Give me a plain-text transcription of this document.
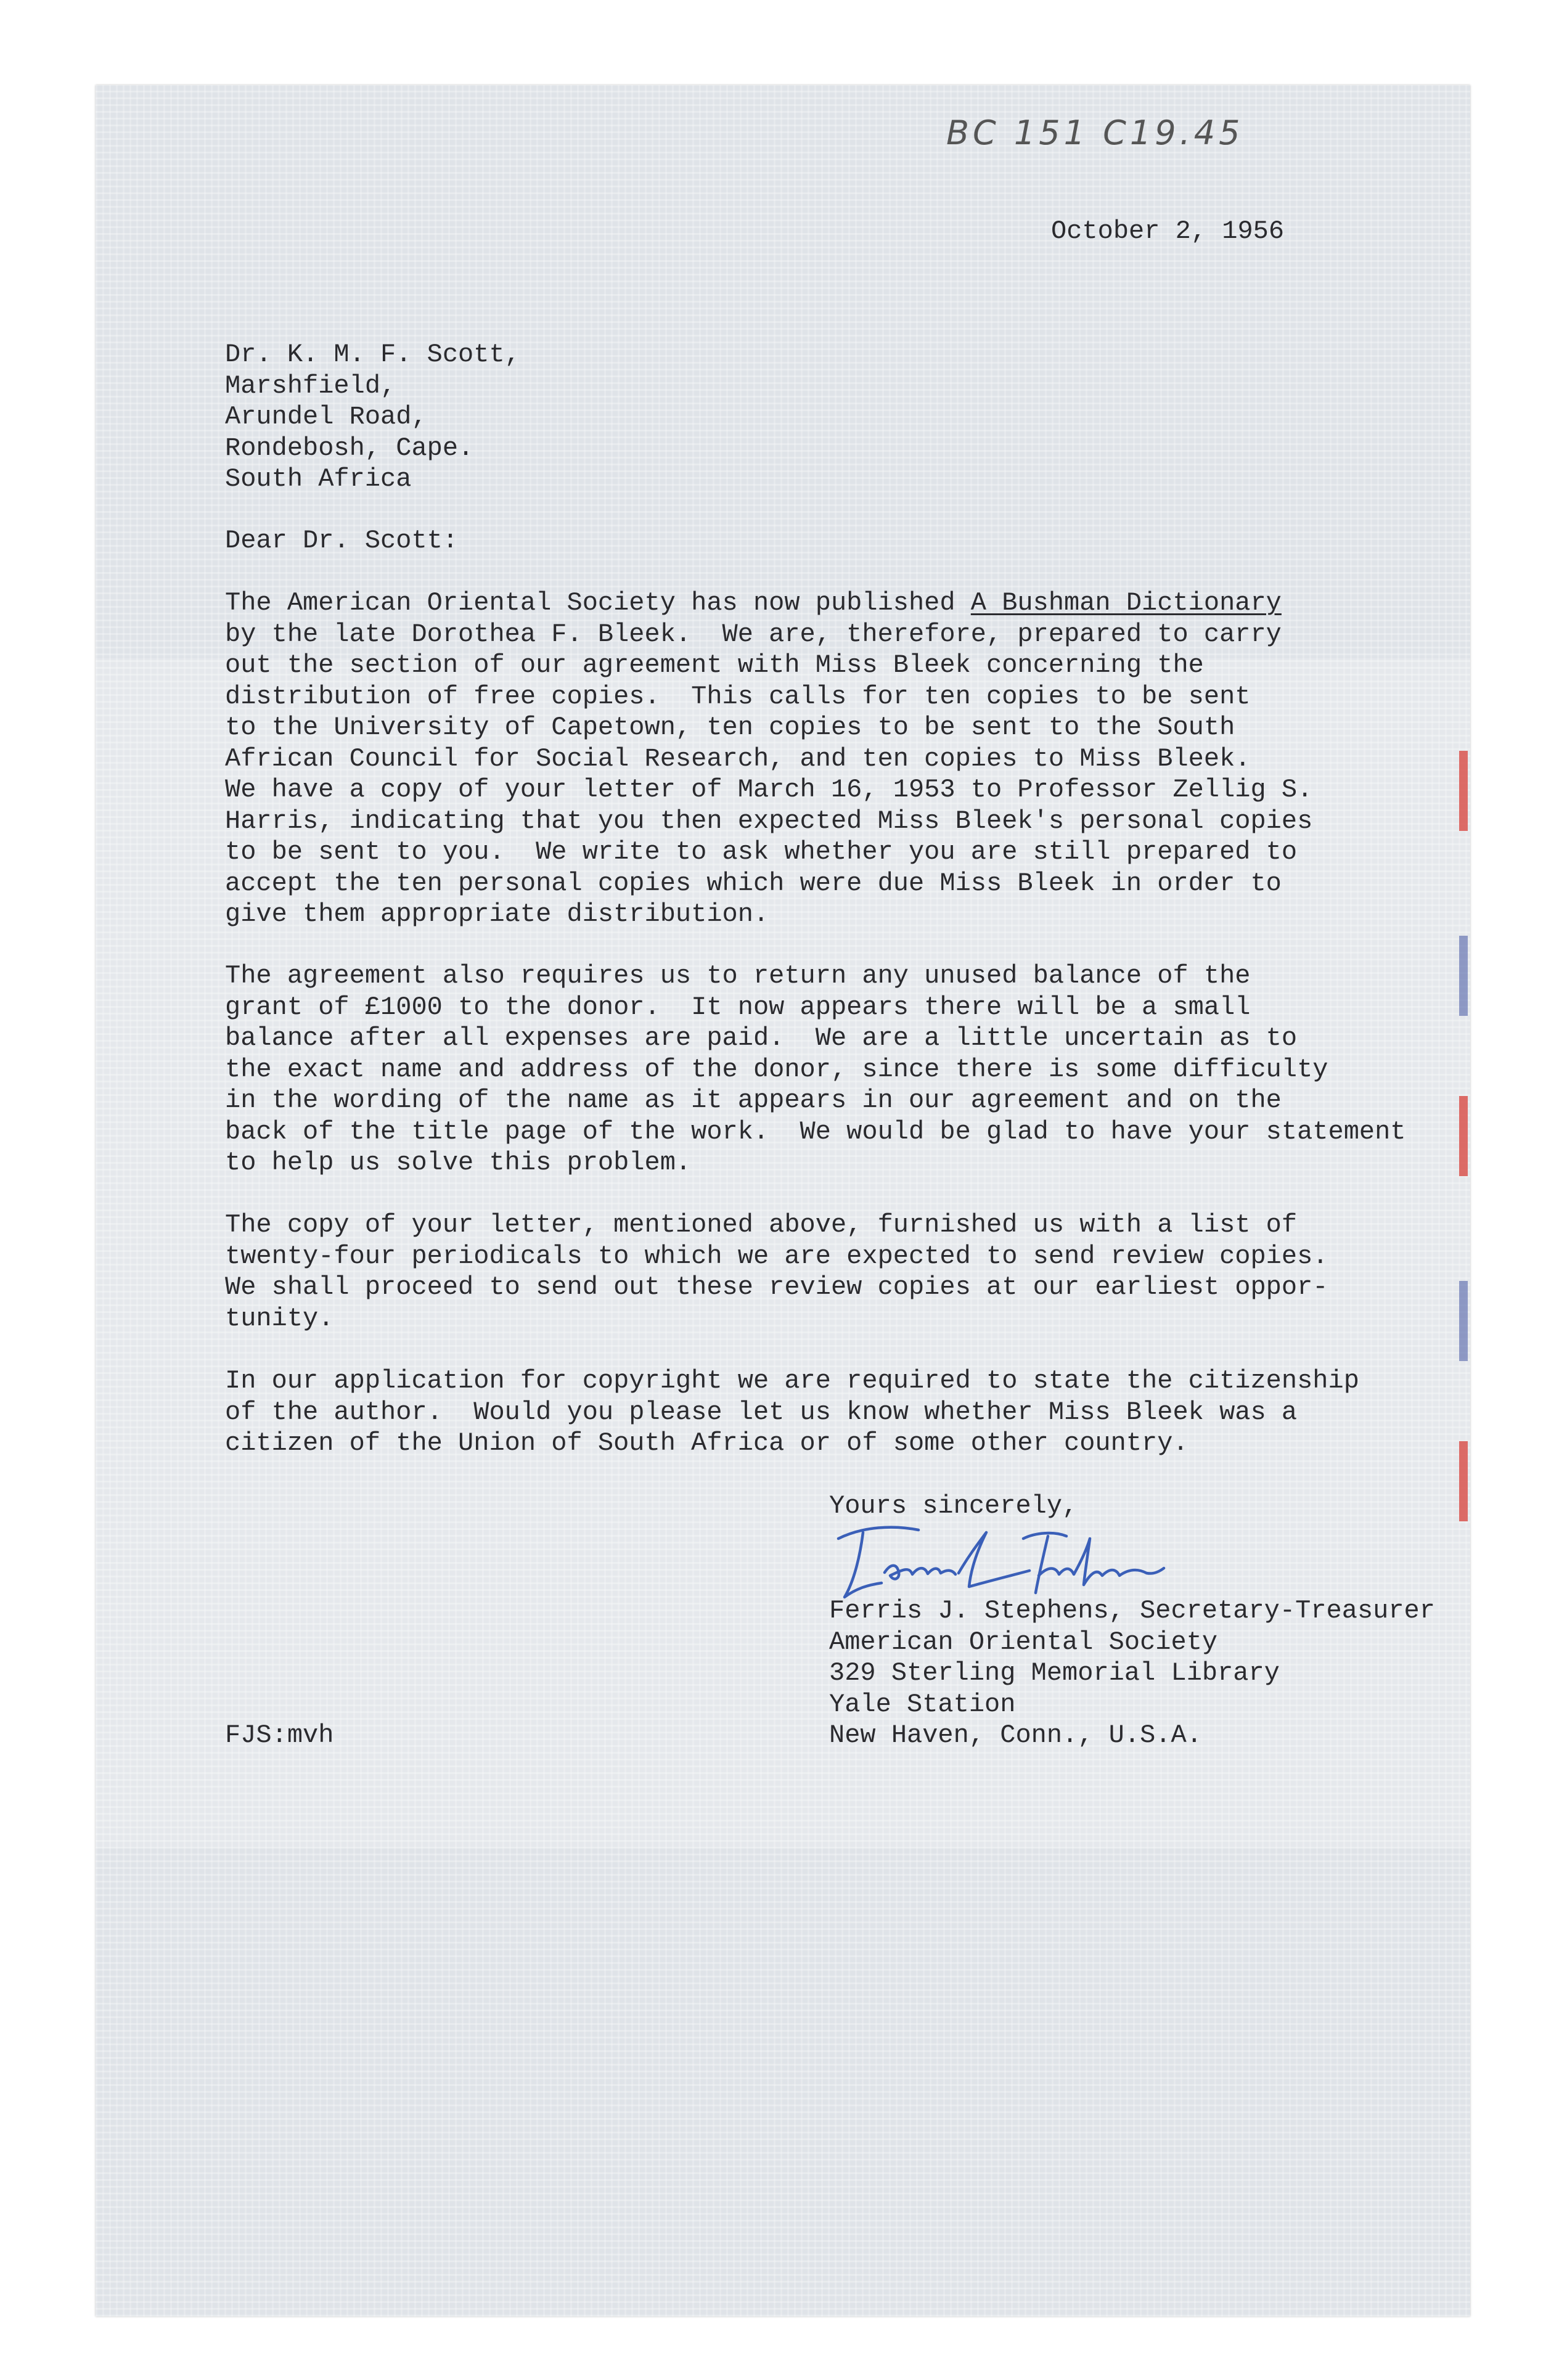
BC 151 C19.45

October 2, 1956

Dr. K. M. F. Scott,
Marshfield,
Arundel Road,
Rondebosh, Cape.
South Africa

Dear Dr. Scott:

The American Oriental Society has now published A Bushman Dictionary
by the late Dorothea F. Bleek.  We are, therefore, prepared to carry
out the section of our agreement with Miss Bleek concerning the
distribution of free copies.  This calls for ten copies to be sent
to the University of Capetown, ten copies to be sent to the South
African Council for Social Research, and ten copies to Miss Bleek.
We have a copy of your letter of March 16, 1953 to Professor Zellig S.
Harris, indicating that you then expected Miss Bleek's personal copies
to be sent to you.  We write to ask whether you are still prepared to
accept the ten personal copies which were due Miss Bleek in order to
give them appropriate distribution.

The agreement also requires us to return any unused balance of the
grant of £1000 to the donor.  It now appears there will be a small
balance after all expenses are paid.  We are a little uncertain as to
the exact name and address of the donor, since there is some difficulty
in the wording of the name as it appears in our agreement and on the
back of the title page of the work.  We would be glad to have your statement
to help us solve this problem.

The copy of your letter, mentioned above, furnished us with a list of
twenty-four periodicals to which we are expected to send review copies.
We shall proceed to send out these review copies at our earliest oppor-
tunity.

In our application for copyright we are required to state the citizenship
of the author.  Would you please let us know whether Miss Bleek was a
citizen of the Union of South Africa or of some other country.

Yours sincerely,

Ferris J. Stephens, Secretary-Treasurer
American Oriental Society
329 Sterling Memorial Library
Yale Station
New Haven, Conn., U.S.A.

FJS:mvh
